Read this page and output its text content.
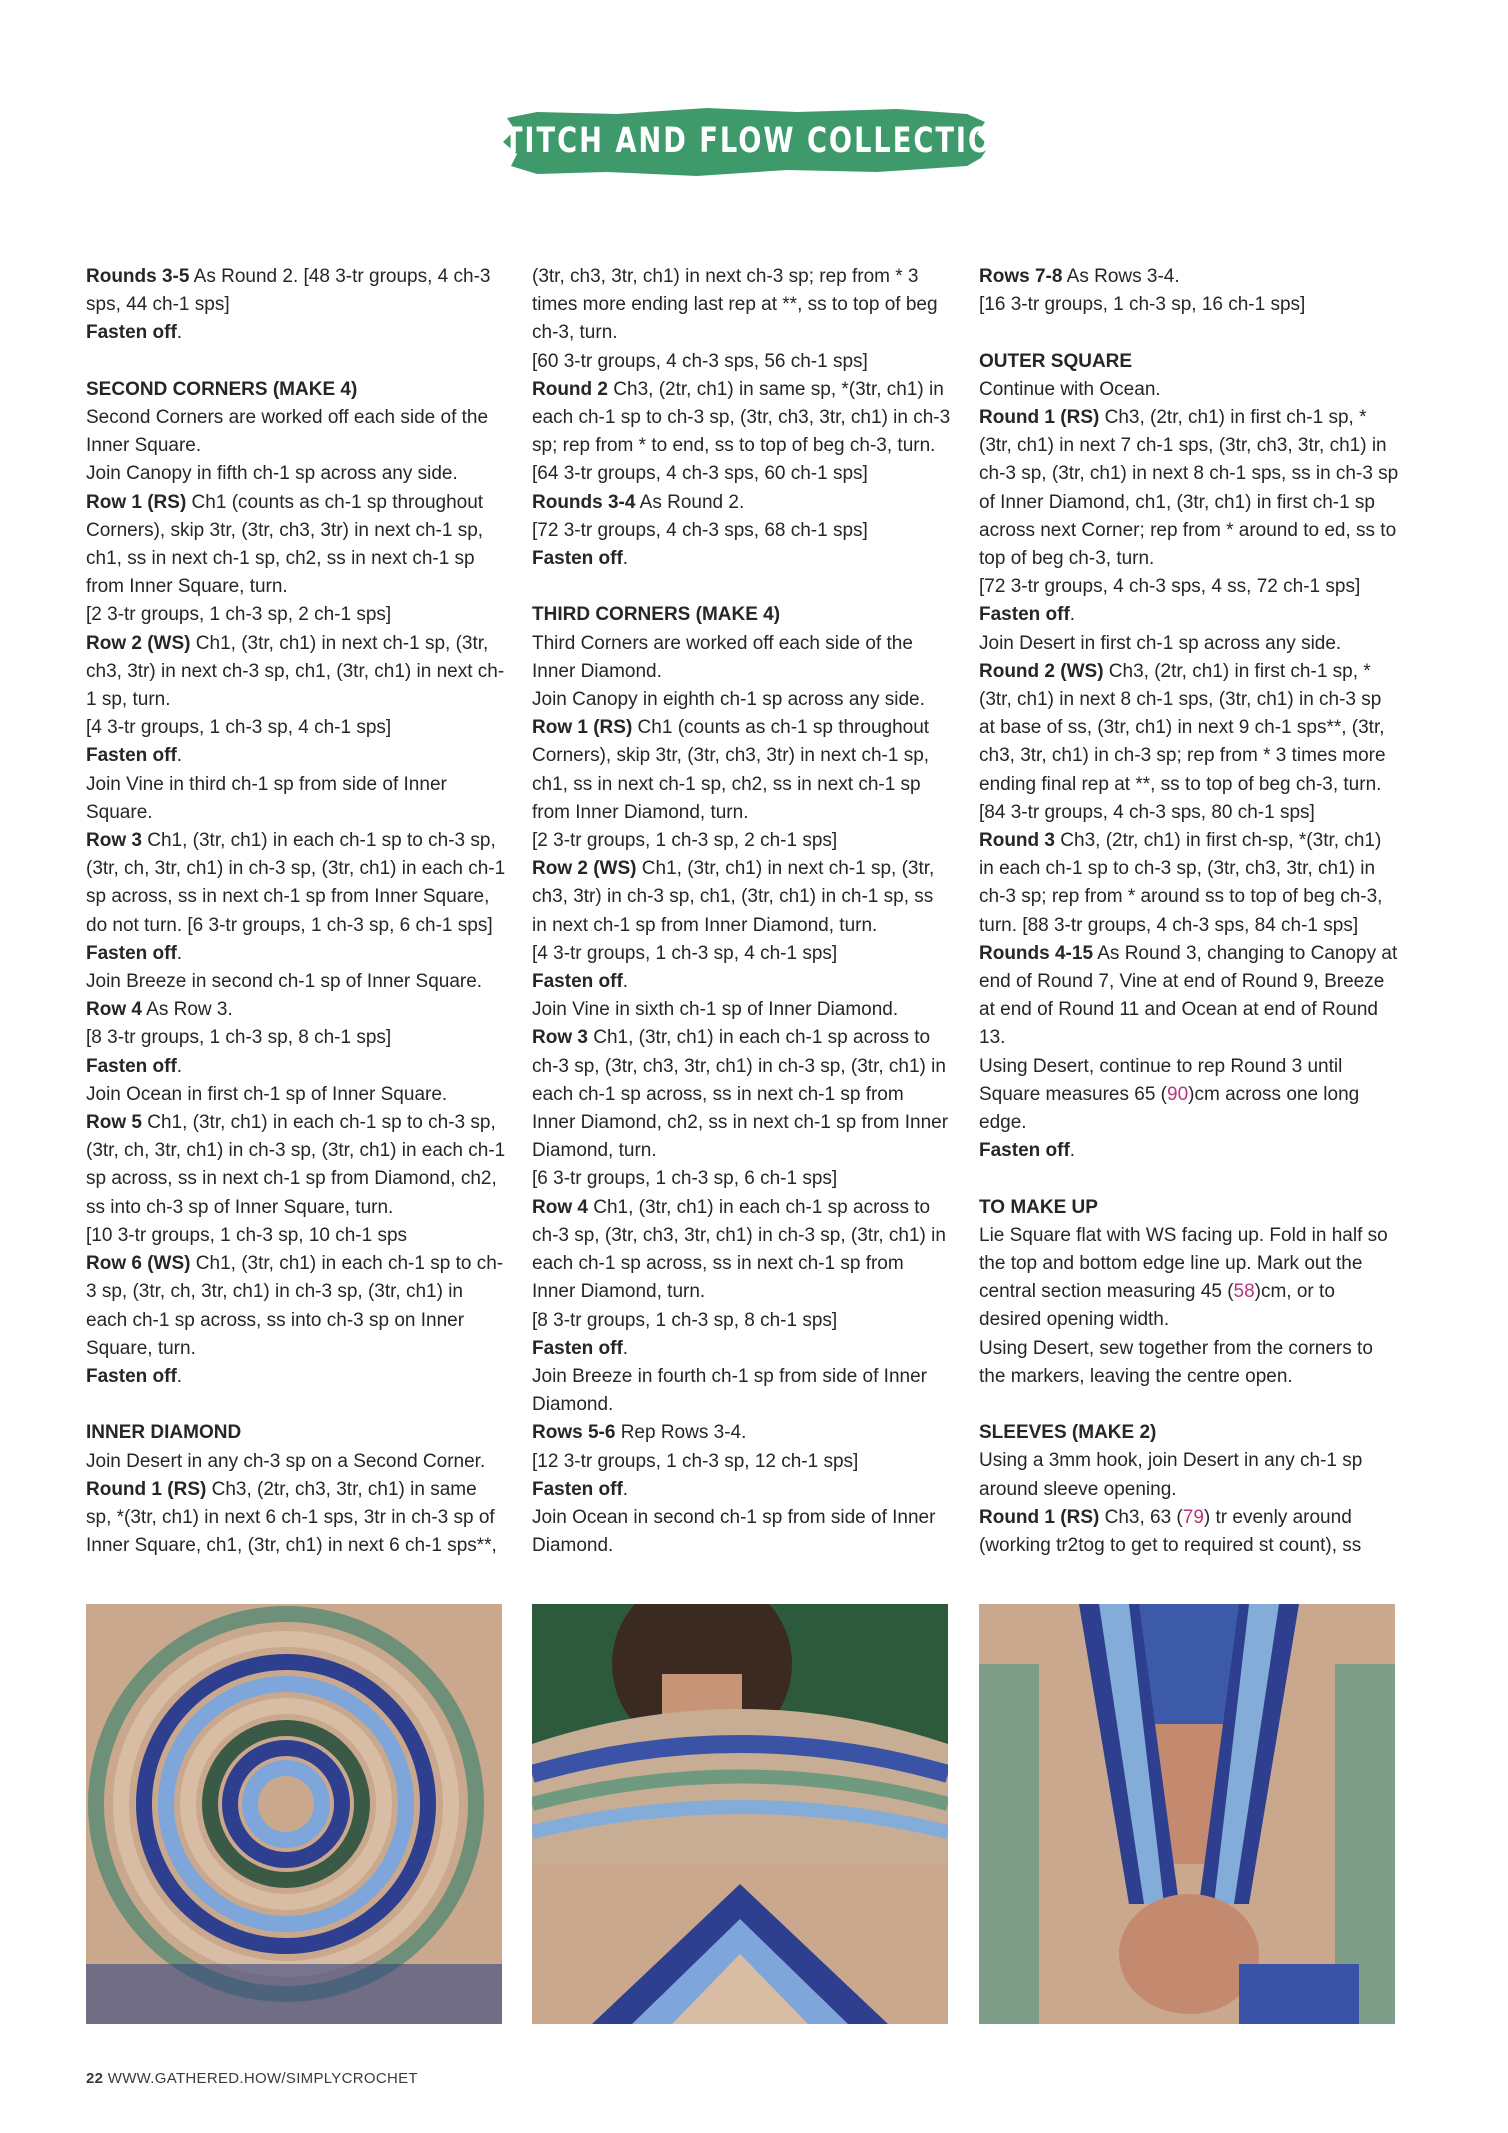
STITCH AND FLOW COLLECTION

Rounds 3-5 As Round 2. [48 3-tr groups, 4 ch-3 sps, 44 ch-1 sps]

Fasten off.

SECOND CORNERS (MAKE 4)

Second Corners are worked off each side of the Inner Square.

Join Canopy in fifth ch-1 sp across any side.

Row 1 (RS) Ch1 (counts as ch-1 sp throughout Corners), skip 3tr, (3tr, ch3, 3tr) in next ch-1 sp, ch1, ss in next ch-1 sp, ch2, ss in next ch-1 sp from Inner Square, turn.

[2 3-tr groups, 1 ch-3 sp, 2 ch-1 sps]

Row 2 (WS) Ch1, (3tr, ch1) in next ch-1 sp, (3tr, ch3, 3tr) in next ch-3 sp, ch1, (3tr, ch1) in next ch-1 sp, turn.

[4 3-tr groups, 1 ch-3 sp, 4 ch-1 sps]

Fasten off.

Join Vine in third ch-1 sp from side of Inner Square.

Row 3 Ch1, (3tr, ch1) in each ch-1 sp to ch-3 sp, (3tr, ch, 3tr, ch1) in ch-3 sp, (3tr, ch1) in each ch-1 sp across, ss in next ch-1 sp from Inner Square, do not turn. [6 3-tr groups, 1 ch-3 sp, 6 ch-1 sps]

Fasten off.

Join Breeze in second ch-1 sp of Inner Square.

Row 4 As Row 3.

[8 3-tr groups, 1 ch-3 sp, 8 ch-1 sps]

Fasten off.

Join Ocean in first ch-1 sp of Inner Square.

Row 5 Ch1, (3tr, ch1) in each ch-1 sp to ch-3 sp, (3tr, ch, 3tr, ch1) in ch-3 sp, (3tr, ch1) in each ch-1 sp across, ss in next ch-1 sp from Diamond, ch2, ss into ch-3 sp of Inner Square, turn.

[10 3-tr groups, 1 ch-3 sp, 10 ch-1 sps

Row 6 (WS) Ch1, (3tr, ch1) in each ch-1 sp to ch-3 sp, (3tr, ch, 3tr, ch1) in ch-3 sp, (3tr, ch1) in each ch-1 sp across, ss into ch-3 sp on Inner Square, turn.

Fasten off.

INNER DIAMOND

Join Desert in any ch-3 sp on a Second Corner.

Round 1 (RS) Ch3, (2tr, ch3, 3tr, ch1) in same sp, *(3tr, ch1) in next 6 ch-1 sps, 3tr in ch-3 sp of Inner Square, ch1, (3tr, ch1) in next 6 ch-1 sps**,

(3tr, ch3, 3tr, ch1) in next ch-3 sp; rep from * 3 times more ending last rep at **, ss to top of beg ch-3, turn.

[60 3-tr groups, 4 ch-3 sps, 56 ch-1 sps]

Round 2 Ch3, (2tr, ch1) in same sp, *(3tr, ch1) in each ch-1 sp to ch-3 sp, (3tr, ch3, 3tr, ch1) in ch-3 sp; rep from * to end, ss to top of beg ch-3, turn.

[64 3-tr groups, 4 ch-3 sps, 60 ch-1 sps]

Rounds 3-4 As Round 2.

[72 3-tr groups, 4 ch-3 sps, 68 ch-1 sps]

Fasten off.

THIRD CORNERS (MAKE 4)

Third Corners are worked off each side of the Inner Diamond.

Join Canopy in eighth ch-1 sp across any side.

Row 1 (RS) Ch1 (counts as ch-1 sp throughout Corners), skip 3tr, (3tr, ch3, 3tr) in next ch-1 sp, ch1, ss in next ch-1 sp, ch2, ss in next ch-1 sp from Inner Diamond, turn.

[2 3-tr groups, 1 ch-3 sp, 2 ch-1 sps]

Row 2 (WS) Ch1, (3tr, ch1) in next ch-1 sp, (3tr, ch3, 3tr) in ch-3 sp, ch1, (3tr, ch1) in ch-1 sp, ss in next ch-1 sp from Inner Diamond, turn.

[4 3-tr groups, 1 ch-3 sp, 4 ch-1 sps]

Fasten off.

Join Vine in sixth ch-1 sp of Inner Diamond.

Row 3 Ch1, (3tr, ch1) in each ch-1 sp across to ch-3 sp, (3tr, ch3, 3tr, ch1) in ch-3 sp, (3tr, ch1) in each ch-1 sp across, ss in next ch-1 sp from Inner Diamond, ch2, ss in next ch-1 sp from Inner Diamond, turn.

[6 3-tr groups, 1 ch-3 sp, 6 ch-1 sps]

Row 4 Ch1, (3tr, ch1) in each ch-1 sp across to ch-3 sp, (3tr, ch3, 3tr, ch1) in ch-3 sp, (3tr, ch1) in each ch-1 sp across, ss in next ch-1 sp from Inner Diamond, turn.

[8 3-tr groups, 1 ch-3 sp, 8 ch-1 sps]

Fasten off.

Join Breeze in fourth ch-1 sp from side of Inner Diamond.

Rows 5-6 Rep Rows 3-4.

[12 3-tr groups, 1 ch-3 sp, 12 ch-1 sps]

Fasten off.

Join Ocean in second ch-1 sp from side of Inner Diamond.

Rows 7-8 As Rows 3-4.

[16 3-tr groups, 1 ch-3 sp, 16 ch-1 sps]

OUTER SQUARE

Continue with Ocean.

Round 1 (RS) Ch3, (2tr, ch1) in first ch-1 sp, *(3tr, ch1) in next 7 ch-1 sps, (3tr, ch3, 3tr, ch1) in ch-3 sp, (3tr, ch1) in next 8 ch-1 sps, ss in ch-3 sp of Inner Diamond, ch1, (3tr, ch1) in first ch-1 sp across next Corner; rep from * around to ed, ss to top of beg ch-3, turn.

[72 3-tr groups, 4 ch-3 sps, 4 ss, 72 ch-1 sps]

Fasten off.

Join Desert in first ch-1 sp across any side.

Round 2 (WS) Ch3, (2tr, ch1) in first ch-1 sp, *(3tr, ch1) in next 8 ch-1 sps, (3tr, ch1) in ch-3 sp at base of ss, (3tr, ch1) in next 9 ch-1 sps**, (3tr, ch3, 3tr, ch1) in ch-3 sp; rep from * 3 times more ending final rep at **, ss to top of beg ch-3, turn.

[84 3-tr groups, 4 ch-3 sps, 80 ch-1 sps]

Round 3 Ch3, (2tr, ch1) in first ch-sp, *(3tr, ch1) in each ch-1 sp to ch-3 sp, (3tr, ch3, 3tr, ch1) in ch-3 sp; rep from * around ss to top of beg ch-3, turn. [88 3-tr groups, 4 ch-3 sps, 84 ch-1 sps]

Rounds 4-15 As Round 3, changing to Canopy at end of Round 7, Vine at end of Round 9, Breeze at end of Round 11 and Ocean at end of Round 13.

Using Desert, continue to rep Round 3 until Square measures 65 (90)cm across one long edge.

Fasten off.

TO MAKE UP

Lie Square flat with WS facing up. Fold in half so the top and bottom edge line up. Mark out the central section measuring 45 (58)cm, or to desired opening width.

Using Desert, sew together from the corners to the markers, leaving the centre open.

SLEEVES (MAKE 2)

Using a 3mm hook, join Desert in any ch-1 sp around sleeve opening.

Round 1 (RS) Ch3, 63 (79) tr evenly around (working tr2tog to get to required st count), ss

22 WWW.GATHERED.HOW/SIMPLYCROCHET
